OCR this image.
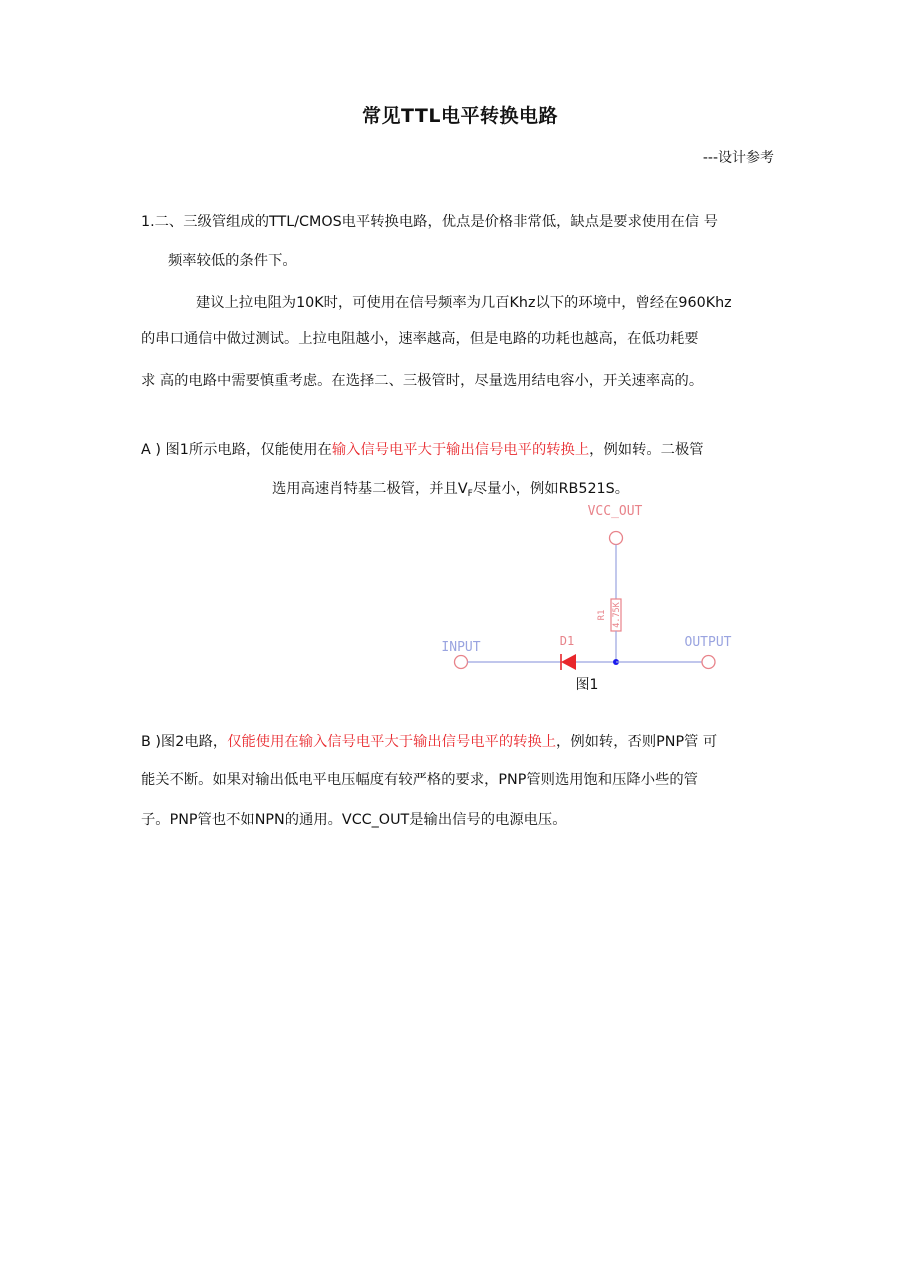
常见TTL电平转换电路
---设计参考
1.二、三级管组成的TTL/CMOS电平转换电路，优点是价格非常低，缺点是要求使用在信 号
频率较低的条件下。
建议上拉电阻为10K时，可使用在信号频率为几百Khz以下的环境中，曾经在960Khz
的串口通信中做过测试。上拉电阻越小，速率越高，但是电路的功耗也越高，在低功耗要
求 高的电路中需要慎重考虑。在选择二、三极管时，尽量选用结电容小，开关速率高的。
A ) 图1所示电路，仅能使用在输入信号电平大于输出信号电平的转换上，例如转。二极管
选用高速肖特基二极管，并且$V_F$尽量小，例如RB521S。
VCC_OUT
R1 4.75K
INPUT	D1	OUTPUT
图1
B )图2电路，仅能使用在输入信号电平大于输出信号电平的转换上，例如转，否则PNP管 可
能关不断。如果对输出低电平电压幅度有较严格的要求，PNP管则选用饱和压降小些的管
子。PNP管也不如NPN的通用。VCC_OUT是输出信号的电源电压。
